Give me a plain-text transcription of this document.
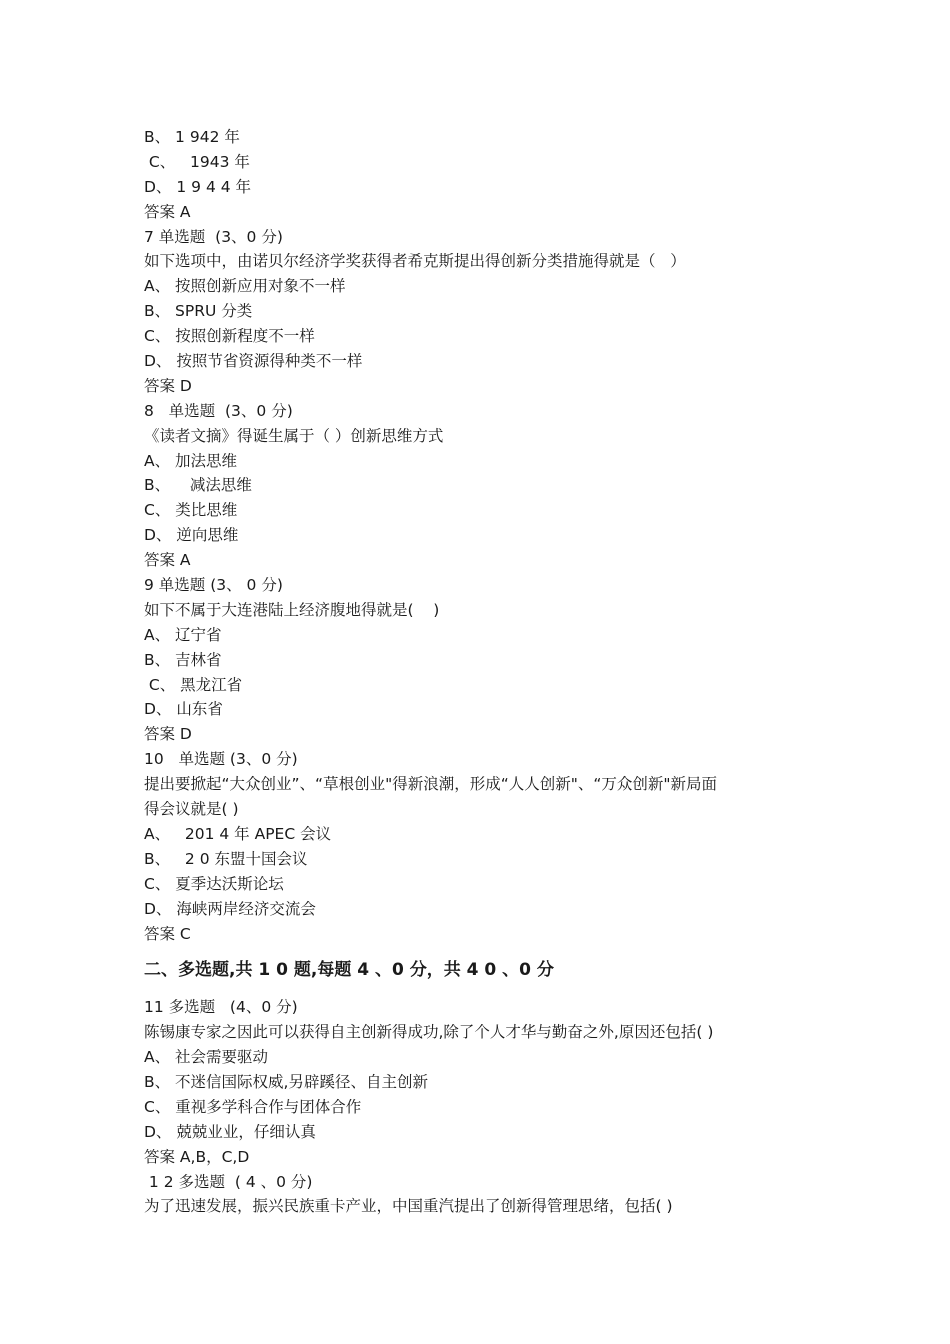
B、 1 942 年
C、   1943 年
D、 1 9 4 4 年
答案 A
7 单选题  (3、0 分)
如下选项中，由诺贝尔经济学奖获得者希克斯提出得创新分类措施得就是（   ）
A、 按照创新应用对象不一样
B、 SPRU 分类
C、 按照创新程度不一样
D、 按照节省资源得种类不一样
答案 D
8   单选题  (3、0 分)
《读者文摘》得诞生属于（ ）创新思维方式
A、 加法思维
B、    减法思维
C、 类比思维
D、 逆向思维
答案 A
9 单选题 (3、 0 分)
如下不属于大连港陆上经济腹地得就是(    )
A、 辽宁省
B、 吉林省
C、 黑龙江省
D、 山东省
答案 D
10   单选题 (3、0 分)
提出要掀起“大众创业”、“草根创业"得新浪潮，形成“人人创新"、“万众创新"新局面
得会议就是( )
A、   201 4 年 APEC 会议
B、   2 0 东盟十国会议
C、 夏季达沃斯论坛
D、 海峡两岸经济交流会
答案 C
二、多选题,共 1 0 题,每题 4 、0 分，共 4 0 、0 分
11 多选题   (4、0 分)
陈锡康专家之因此可以获得自主创新得成功,除了个人才华与勤奋之外,原因还包括( )
A、 社会需要驱动
B、 不迷信国际权威,另辟蹊径、自主创新
C、 重视多学科合作与团体合作
D、 兢兢业业，仔细认真
答案 A,B，C,D
1 2 多选题  ( 4 、0 分)
为了迅速发展，振兴民族重卡产业，中国重汽提出了创新得管理思绪，包括( )
